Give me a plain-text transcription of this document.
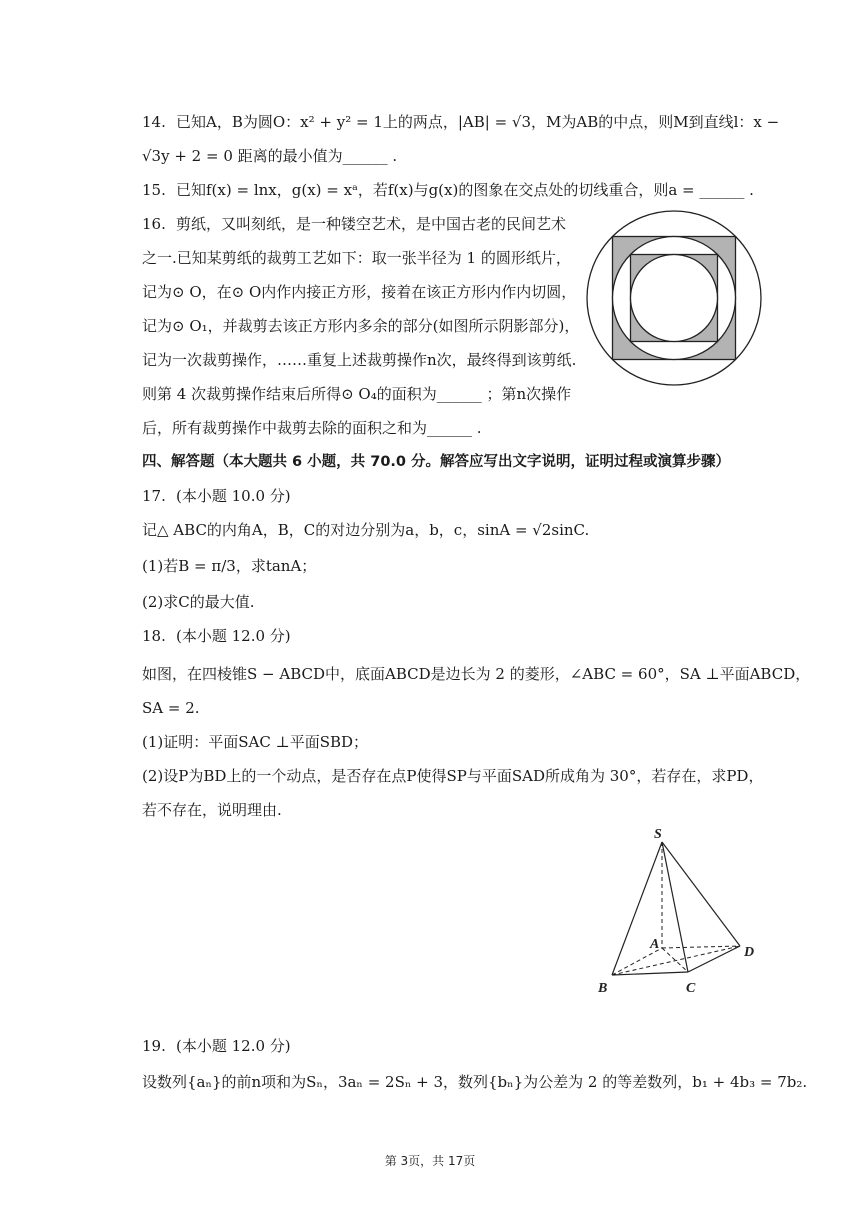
14. 已知A，B为圆O：x² + y² = 1上的两点，|AB| = √3，M为AB的中点，则M到直线l：x −
√3y + 2 = 0 距离的最小值为______ .
15. 已知f(x) = lnx，g(x) = xᵃ，若f(x)与g(x)的图象在交点处的切线重合，则a = ______ .
16. 剪纸，又叫刻纸，是一种镂空艺术，是中国古老的民间艺术
之一.已知某剪纸的裁剪工艺如下：取一张半径为 1 的圆形纸片，
记为⊙ O，在⊙ O内作内接正方形，接着在该正方形内作内切圆，
记为⊙ O₁，并裁剪去该正方形内多余的部分(如图所示阴影部分)，
记为一次裁剪操作，……重复上述裁剪操作n次，最终得到该剪纸.
则第 4 次裁剪操作结束后所得⊙ O₄的面积为______ ；第n次操作
后，所有裁剪操作中裁剪去除的面积之和为______ .
四、解答题（本大题共 6 小题，共 70.0 分。解答应写出文字说明，证明过程或演算步骤）
17. (本小题 10.0 分)
记△ ABC的内角A，B，C的对边分别为a，b，c，sinA = √2sinC.
(1)若B = π/3，求tanA；
(2)求C的最大值.
18. (本小题 12.0 分)
如图，在四棱锥S − ABCD中，底面ABCD是边长为 2 的菱形，∠ABC = 60°，SA ⊥平面ABCD，
SA = 2.
(1)证明：平面SAC ⊥平面SBD；
(2)设P为BD上的一个动点，是否存在点P使得SP与平面SAD所成角为 30°，若存在，求PD，
若不存在，说明理由.
S
A
B	C
D
19. (本小题 12.0 分)
设数列{aₙ}的前n项和为Sₙ，3aₙ = 2Sₙ + 3，数列{bₙ}为公差为 2 的等差数列，b₁ + 4b₃ = 7b₂.
第 3页，共 17页
